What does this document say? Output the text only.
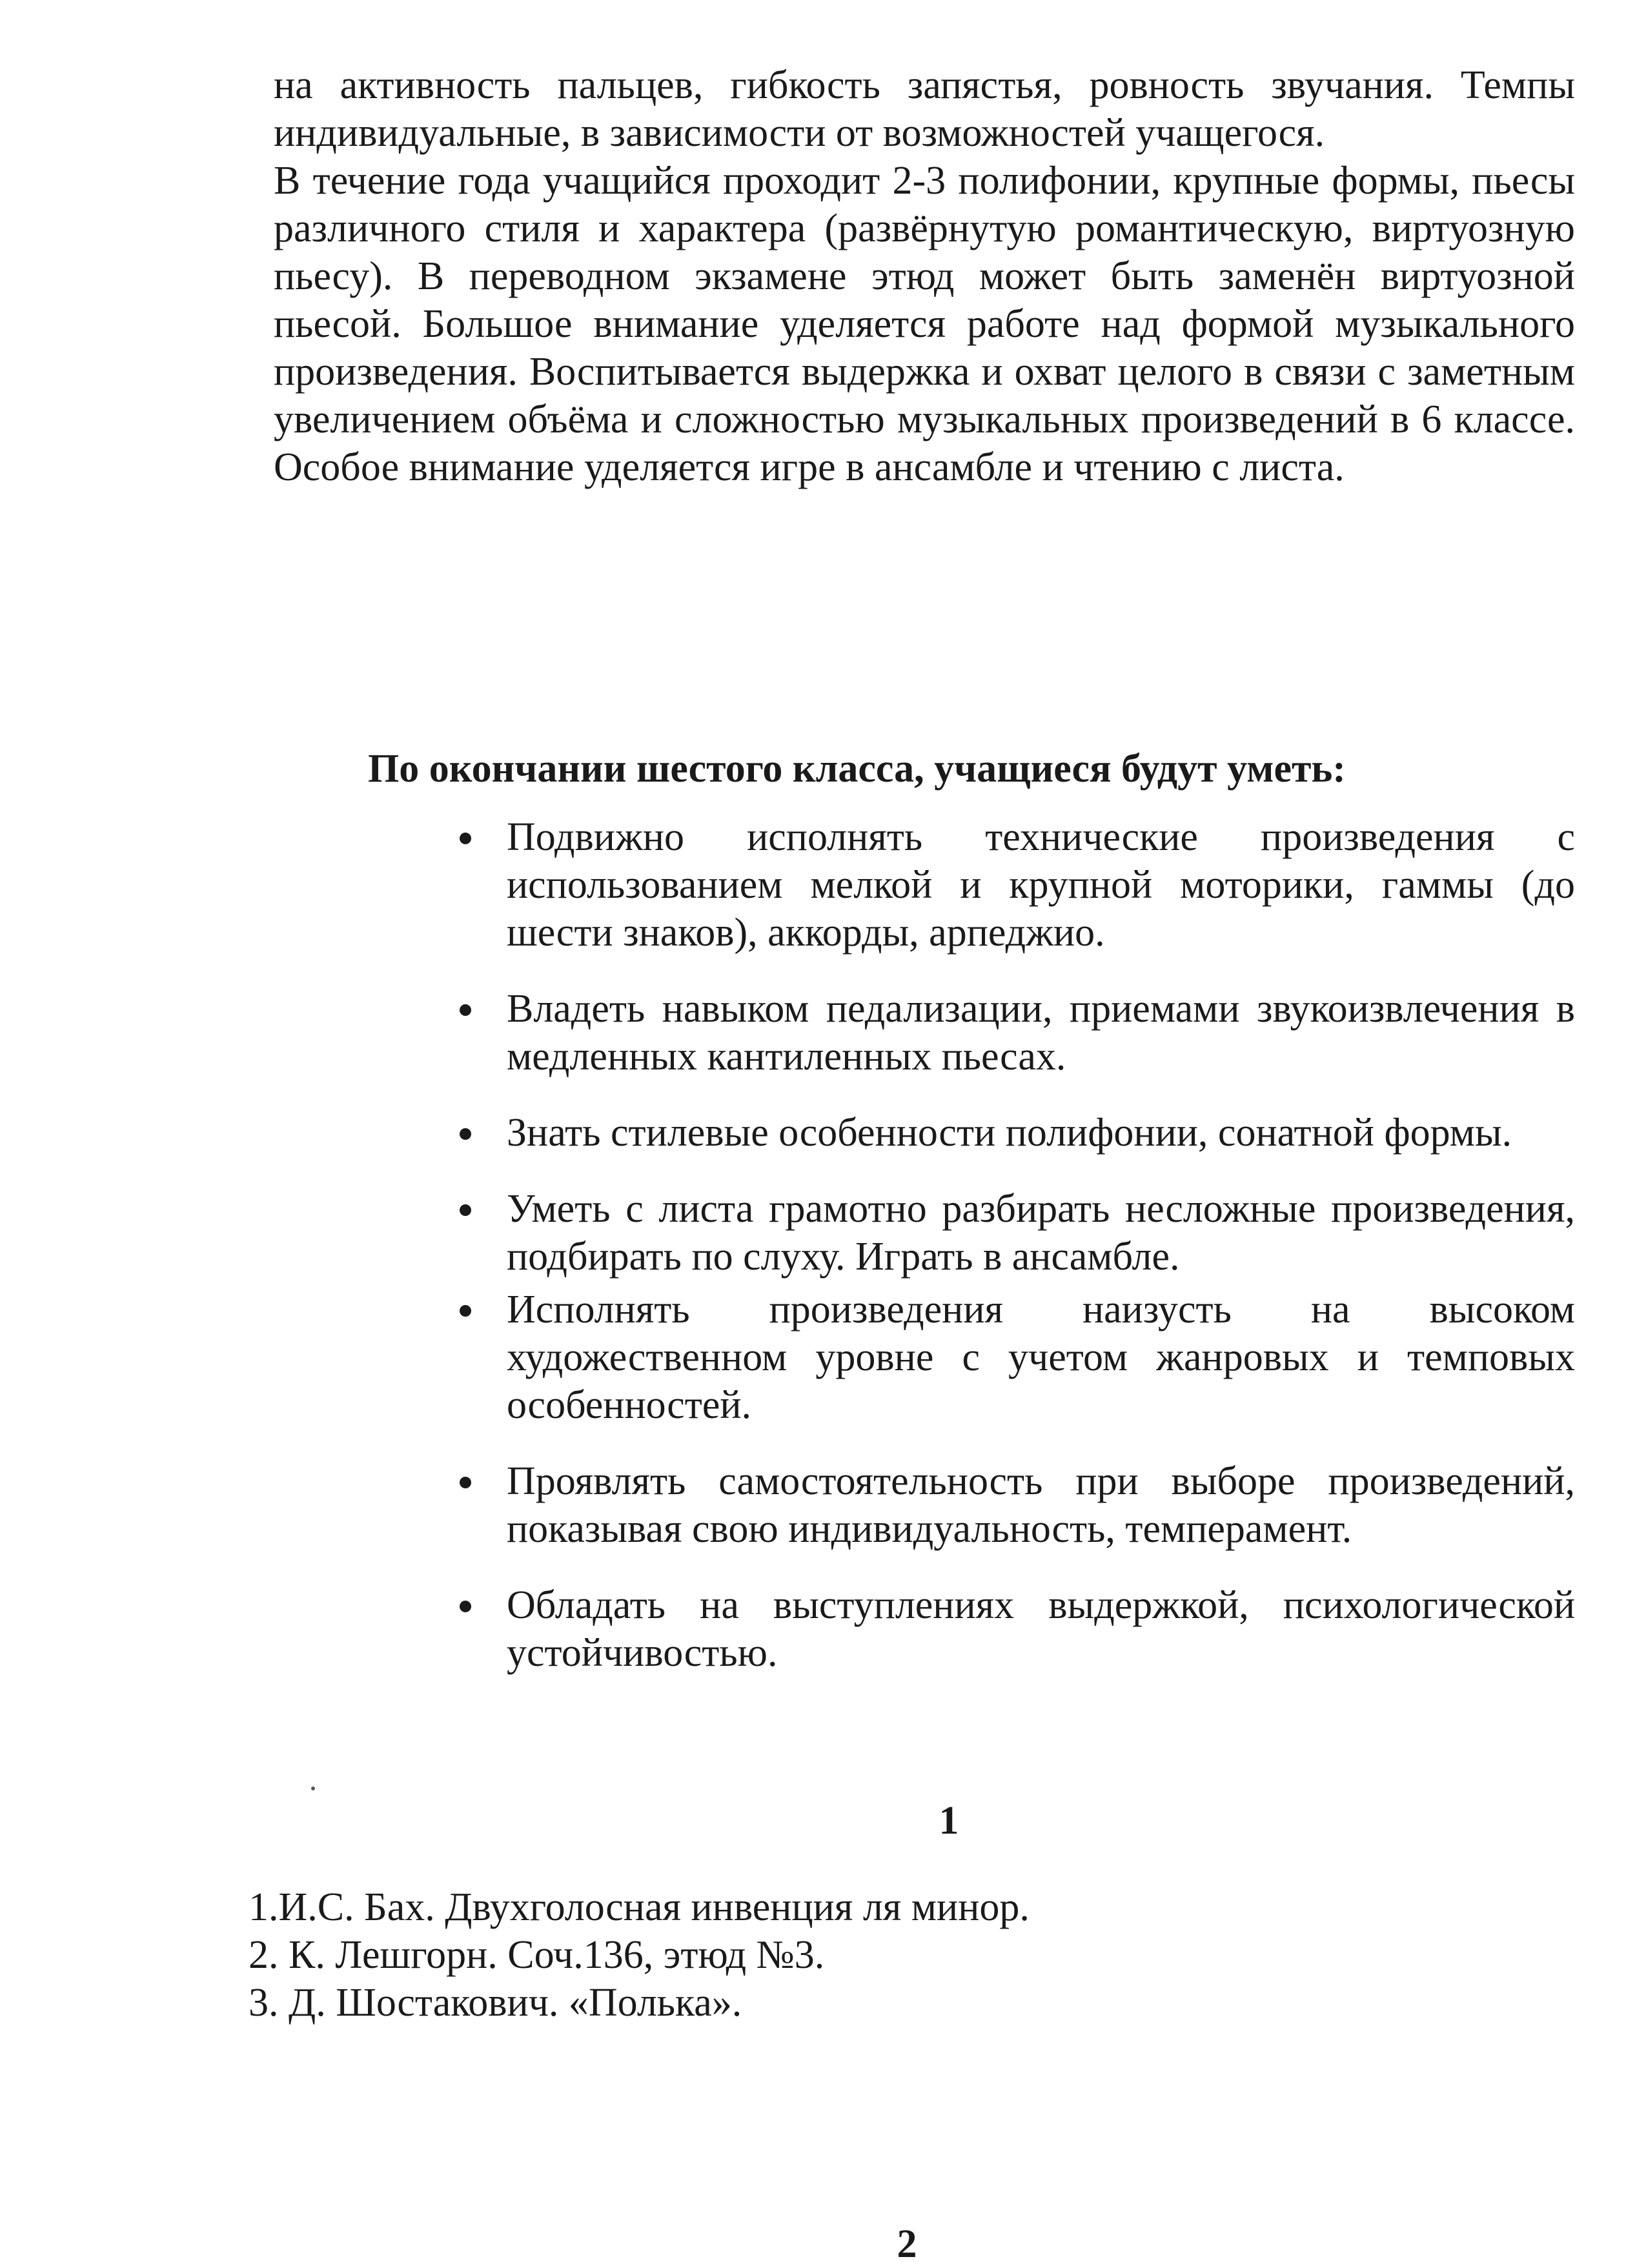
на активность пальцев, гибкость запястья, ровность звучания. Темпы индивидуальные, в зависимости от возможностей учащегося.

В течение года учащийся проходит 2-3 полифонии, крупные формы, пьесы различного стиля и характера (развёрнутую романтическую, виртуозную пьесу). В переводном экзамене этюд может быть заменён виртуозной пьесой. Большое внимание уделяется работе над формой музыкального произведения. Воспитывается выдержка и охват целого в связи с заметным увеличением объёма и сложностью музыкальных произведений в 6 классе. Особое внимание уделяется игре в ансамбле и чтению с листа.

По окончании шестого класса, учащиеся будут уметь:
Подвижно исполнять технические произведения с использованием мелкой и крупной моторики, гаммы (до шести знаков), аккорды, арпеджио.
Владеть навыком педализации, приемами звукоизвлечения в медленных кантиленных пьесах.
Знать стилевые особенности полифонии, сонатной формы.
Уметь с листа грамотно разбирать несложные произведения, подбирать по слуху. Играть в ансамбле.
Исполнять произведения наизусть на высоком художественном уровне с учетом жанровых и темповых особенностей.
Проявлять самостоятельность при выборе произведений, показывая свою индивидуальность, темперамент.
Обладать на выступлениях выдержкой, психологической устойчивостью.
1
1.И.С. Бах. Двухголосная инвенция ля минор.
2. К. Лешгорн. Соч.136, этюд №3.
3. Д. Шостакович. «Полька».
2
